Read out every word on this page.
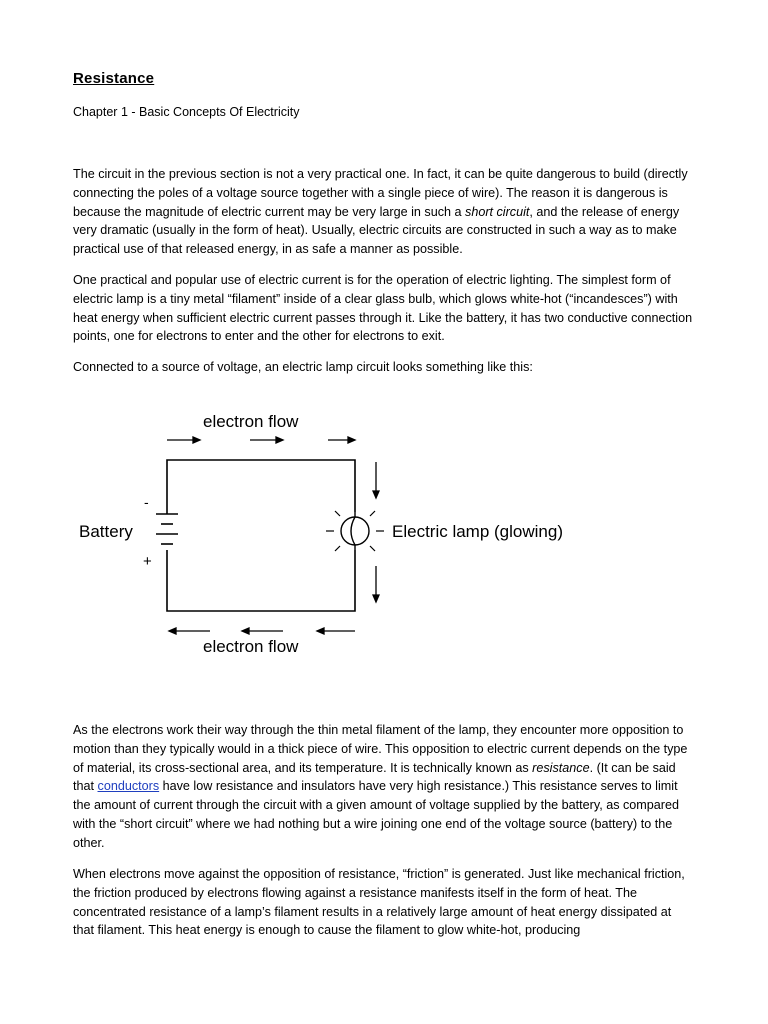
Resistance
Chapter 1 - Basic Concepts Of Electricity
The circuit in the previous section is not a very practical one. In fact, it can be quite dangerous to build (directly connecting the poles of a voltage source together with a single piece of wire). The reason it is dangerous is because the magnitude of electric current may be very large in such a short circuit, and the release of energy very dramatic (usually in the form of heat). Usually, electric circuits are constructed in such a way as to make practical use of that released energy, in as safe a manner as possible.
One practical and popular use of electric current is for the operation of electric lighting. The simplest form of electric lamp is a tiny metal “filament” inside of a clear glass bulb, which glows white-hot (“incandesces”) with heat energy when sufficient electric current passes through it. Like the battery, it has two conductive connection points, one for electrons to enter and the other for electrons to exit.
Connected to a source of voltage, an electric lamp circuit looks something like this:
electron flow
-
+
Battery	Electric lamp (glowing)
electron flow
As the electrons work their way through the thin metal filament of the lamp, they encounter more opposition to motion than they typically would in a thick piece of wire. This opposition to electric current depends on the type of material, its cross-sectional area, and its temperature. It is technically known as resistance. (It can be said that conductors have low resistance and insulators have very high resistance.) This resistance serves to limit the amount of current through the circuit with a given amount of voltage supplied by the battery, as compared with the “short circuit” where we had nothing but a wire joining one end of the voltage source (battery) to the other.
When electrons move against the opposition of resistance, “friction” is generated. Just like mechanical friction, the friction produced by electrons flowing against a resistance manifests itself in the form of heat. The concentrated resistance of a lamp’s filament results in a relatively large amount of heat energy dissipated at that filament. This heat energy is enough to cause the filament to glow white-hot, producing
